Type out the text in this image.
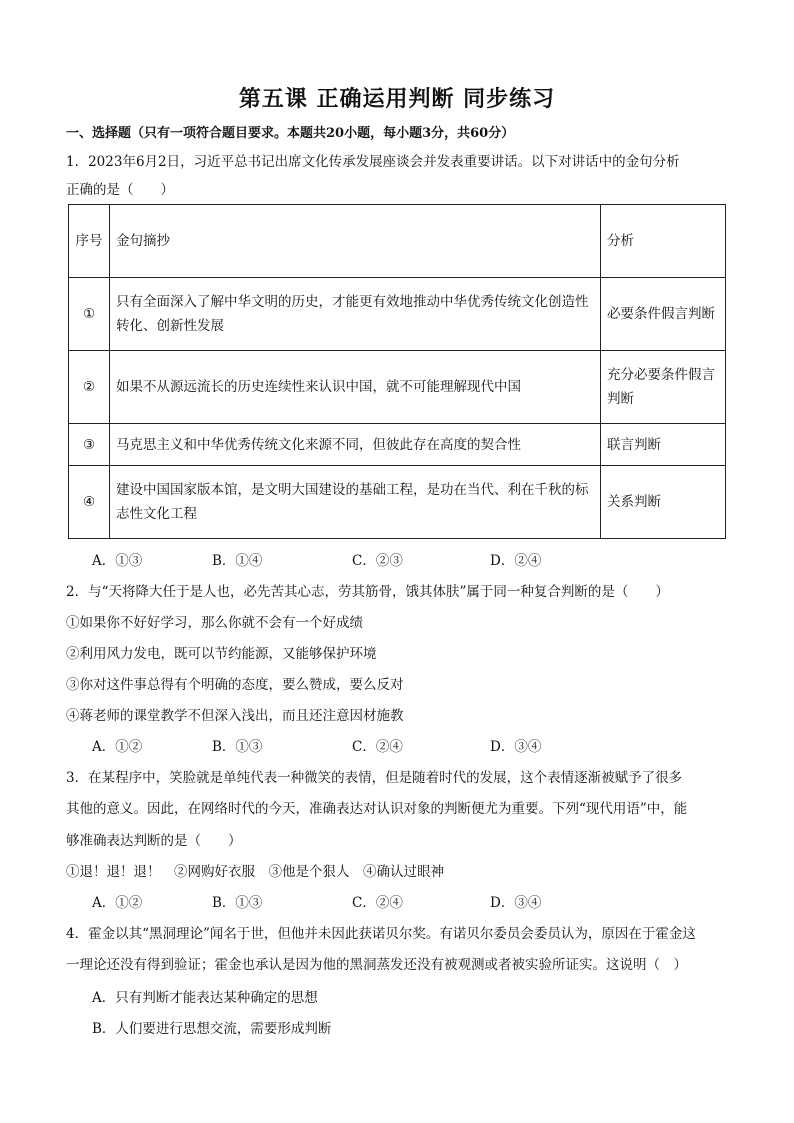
第五课 正确运用判断 同步练习
一、选择题（只有一项符合题目要求。本题共20小题，每小题3分，共60分）
1．2023年6月2日，习近平总书记出席文化传承发展座谈会并发表重要讲话。以下对讲话中的金句分析
正确的是（　　）
序号	金句摘抄	分析
①	只有全面深入了解中华文明的历史，才能更有效地推动中华优秀传统文化创造性转化、创新性发展	必要条件假言判断
②	如果不从源远流长的历史连续性来认识中国，就不可能理解现代中国	充分必要条件假言判断
③	马克思主义和中华优秀传统文化来源不同，但彼此存在高度的契合性	联言判断
④	建设中国国家版本馆，是文明大国建设的基础工程，是功在当代、利在千秋的标志性文化工程	关系判断
A．①③	B．①④	C．②③	D．②④
2．与“天将降大任于是人也，必先苦其心志，劳其筋骨，饿其体肤”属于同一种复合判断的是（　　）
①如果你不好好学习，那么你就不会有一个好成绩
②利用风力发电，既可以节约能源，又能够保护环境
③你对这件事总得有个明确的态度，要么赞成，要么反对
④蒋老师的课堂教学不但深入浅出，而且还注意因材施教
A．①②	B．①③	C．②④	D．③④
3．在某程序中，笑脸就是单纯代表一种微笑的表情，但是随着时代的发展，这个表情逐渐被赋予了很多
其他的意义。因此，在网络时代的今天，准确表达对认识对象的判断便尤为重要。下列“现代用语”中，能
够准确表达判断的是（　　）
①退！退！退！　②网购好衣服　③他是个狠人　④确认过眼神
A．①②	B．①③	C．②④	D．③④
4．霍金以其“黑洞理论”闻名于世，但他并未因此获诺贝尔奖。有诺贝尔委员会委员认为，原因在于霍金这
一理论还没有得到验证；霍金也承认是因为他的黑洞蒸发还没有被观测或者被实验所证实。这说明（　）
A．只有判断才能表达某种确定的思想
B．人们要进行思想交流，需要形成判断
